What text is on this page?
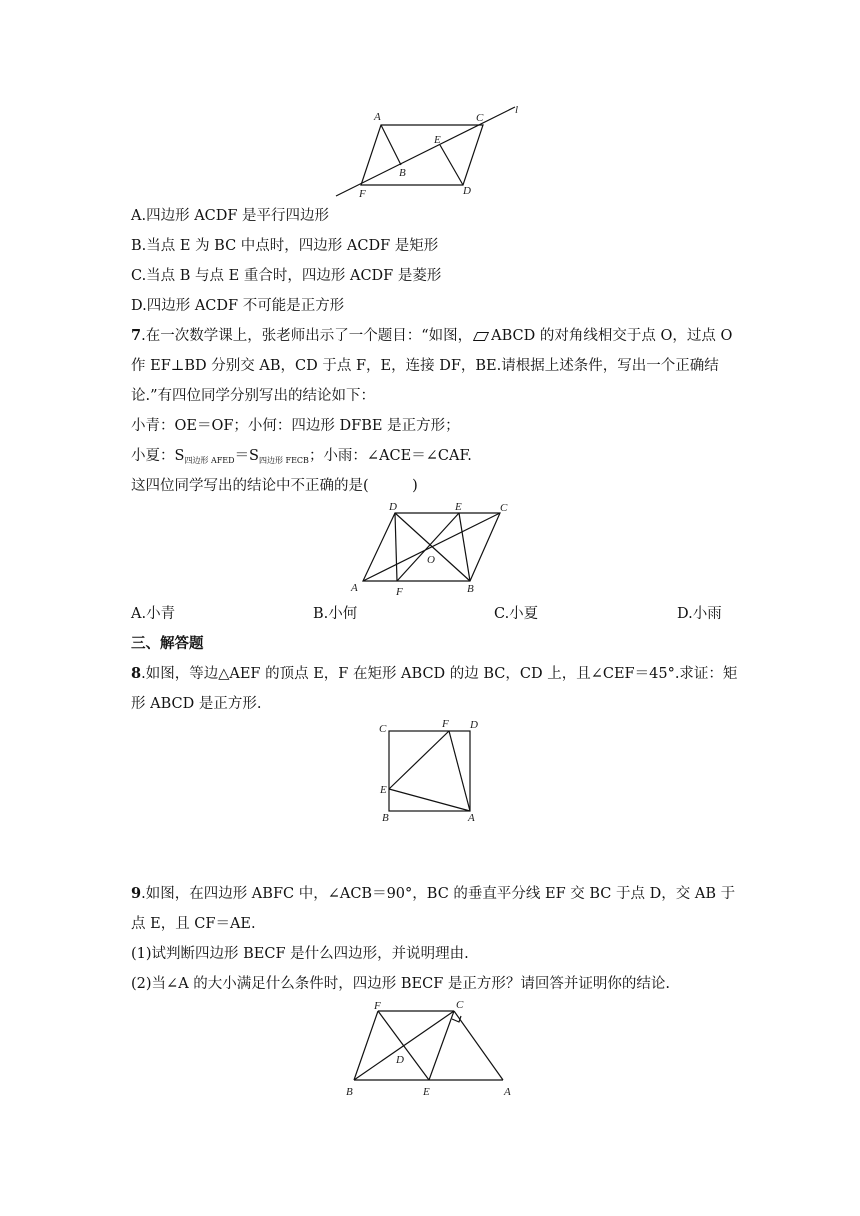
A	C
l
E
B
F	D
A.四边形 ACDF 是平行四边形
B.当点 E 为 BC 中点时，四边形 ACDF 是矩形
C.当点 B 与点 E 重合时，四边形 ACDF 是菱形
D.四边形 ACDF 不可能是正方形
7.在一次数学课上，张老师出示了一个题目：“如图， ABCD 的对角线相交于点 O，过点 O
作 EF⊥BD 分别交 AB，CD 于点 F，E，连接 DF，BE.请根据上述条件，写出一个正确结
论.”有四位同学分别写出的结论如下：
小青：OE＝OF；小何：四边形 DFBE 是正方形；
小夏：$S_{四边形 AFED}=S_{四边形 FECB}$；小雨：∠ACE＝∠CAF.
这四位同学写出的结论中不正确的是(　　　)
D	E	C
O
A	B
F
A.小青	B.小何	C.小夏	D.小雨
三、解答题
8.如图，等边△AEF 的顶点 E，F 在矩形 ABCD 的边 BC，CD 上，且∠CEF＝45°.求证：矩
形 ABCD 是正方形.
C	F D
E
B	A
9.如图，在四边形 ABFC 中，∠ACB＝90°，BC 的垂直平分线 EF 交 BC 于点 D，交 AB 于
点 E，且 CF＝AE.
(1)试判断四边形 BECF 是什么四边形，并说明理由.
(2)当∠A 的大小满足什么条件时，四边形 BECF 是正方形？请回答并证明你的结论.
F	C
D
B	E	A
